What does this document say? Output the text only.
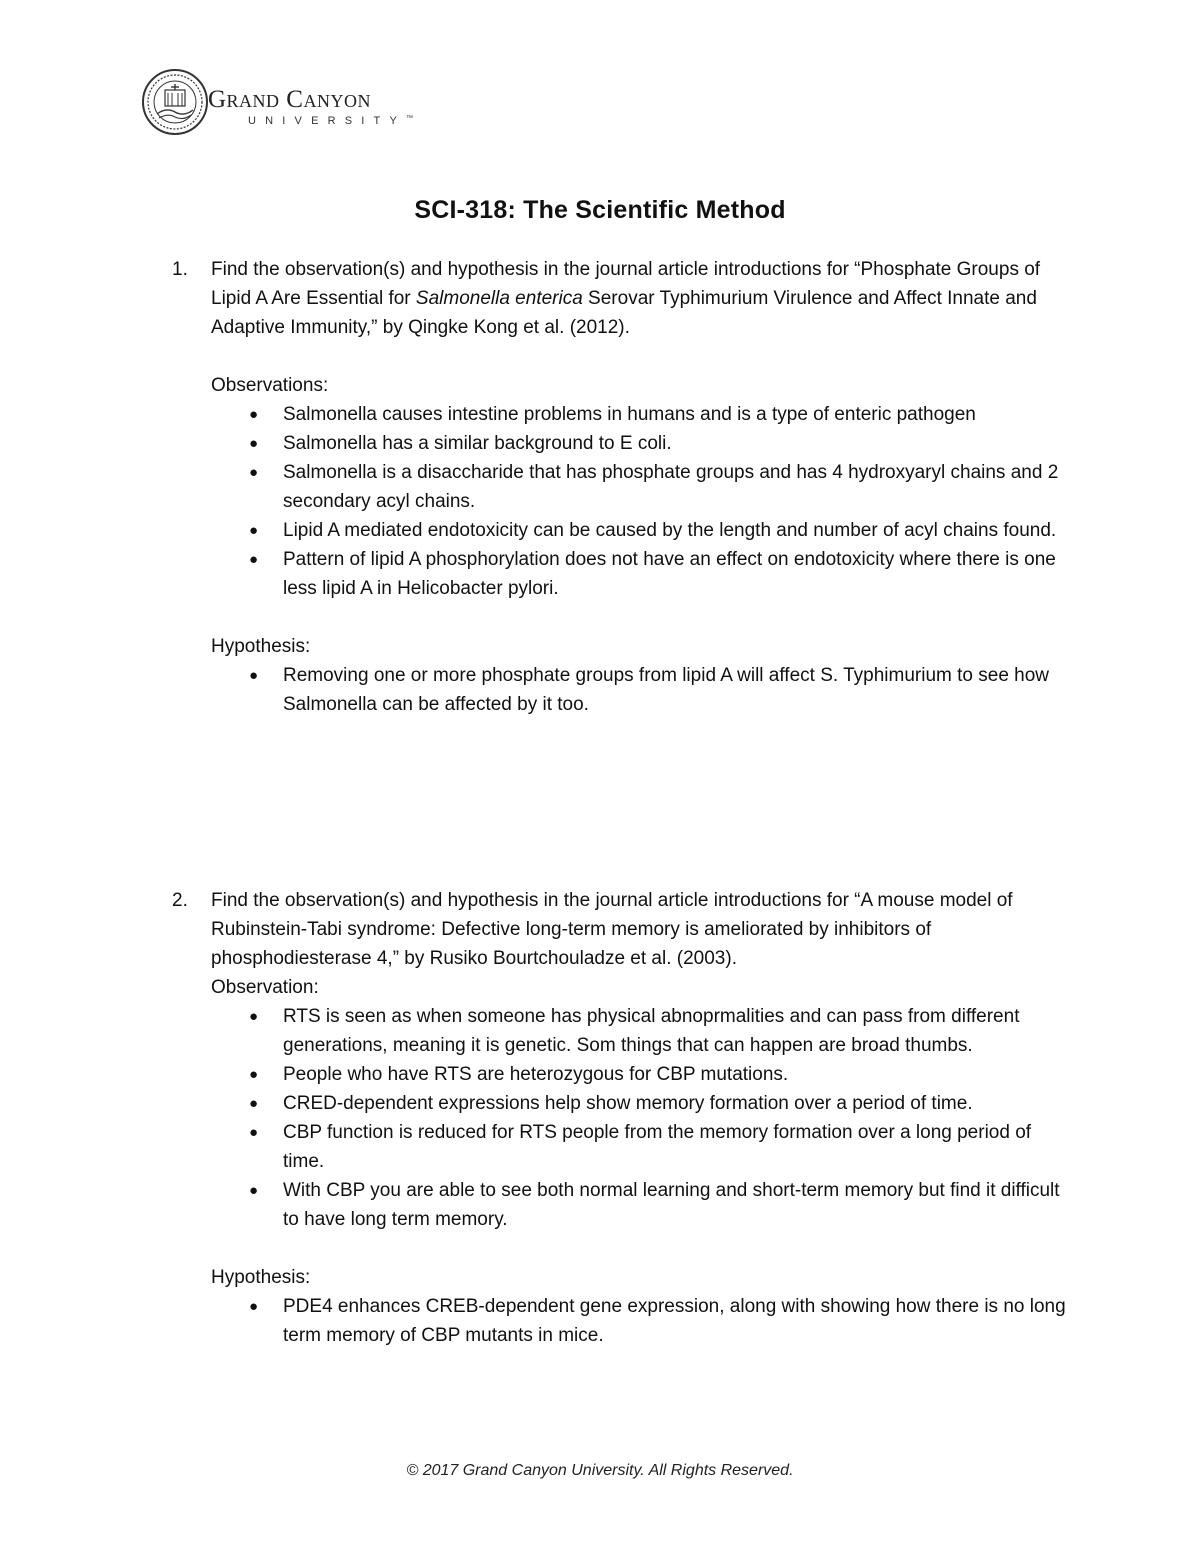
Grand Canyon
UNIVERSITY™
SCI-318: The Scientific Method
1. Find the observation(s) and hypothesis in the journal article introductions for “Phosphate Groups of Lipid A Are Essential for Salmonella enterica Serovar Typhimurium Virulence and Affect Innate and Adaptive Immunity,” by Qingke Kong et al. (2012).
Observations:
● Salmonella causes intestine problems in humans and is a type of enteric pathogen
● Salmonella has a similar background to E coli.
● Salmonella is a disaccharide that has phosphate groups and has 4 hydroxyaryl chains and 2 secondary acyl chains.
● Lipid A mediated endotoxicity can be caused by the length and number of acyl chains found.
● Pattern of lipid A phosphorylation does not have an effect on endotoxicity where there is one less lipid A in Helicobacter pylori.
Hypothesis:
● Removing one or more phosphate groups from lipid A will affect S. Typhimurium to see how Salmonella can be affected by it too.
2. Find the observation(s) and hypothesis in the journal article introductions for “A mouse model of Rubinstein-Tabi syndrome: Defective long-term memory is ameliorated by inhibitors of phosphodiesterase 4,” by Rusiko Bourtchouladze et al. (2003).
Observation:
● RTS is seen as when someone has physical abnoprmalities and can pass from different generations, meaning it is genetic. Som things that can happen are broad thumbs.
● People who have RTS are heterozygous for CBP mutations.
● CRED-dependent expressions help show memory formation over a period of time.
● CBP function is reduced for RTS people from the memory formation over a long period of time.
● With CBP you are able to see both normal learning and short-term memory but find it difficult to have long term memory.
Hypothesis:
● PDE4 enhances CREB-dependent gene expression, along with showing how there is no long term memory of CBP mutants in mice.
© 2017 Grand Canyon University. All Rights Reserved.
